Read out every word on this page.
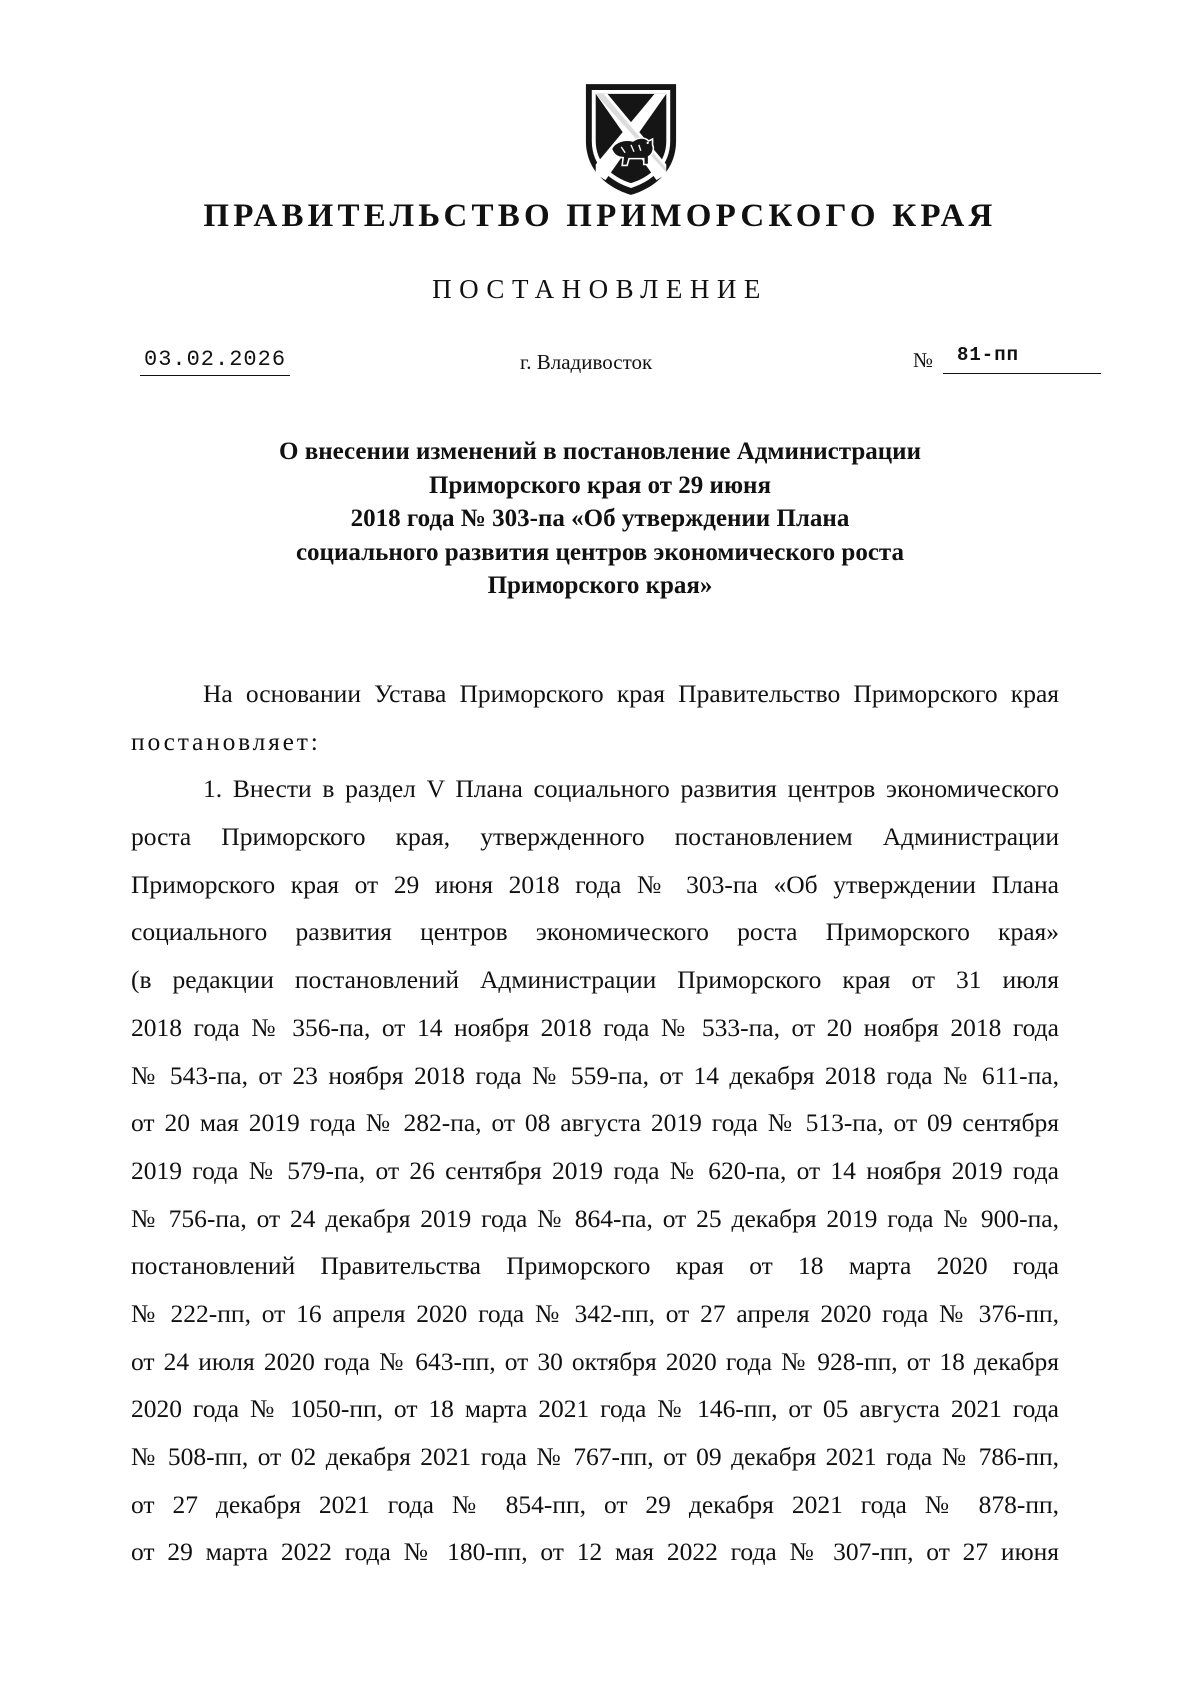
ПРАВИТЕЛЬСТВО ПРИМОРСКОГО КРАЯ
ПОСТАНОВЛЕНИЕ
03.02.2026	г. Владивосток	№ 81-пп
О внесении изменений в постановление Администрации
Приморского края от 29 июня
2018 года № 303-па «Об утверждении Плана
социального развития центров экономического роста
Приморского края»
На основании Устава Приморского края Правительство Приморского края
постановляет:
1. Внести в раздел V Плана социального развития центров экономического
роста Приморского края, утвержденного постановлением Администрации
Приморского края от 29 июня 2018 года № 303-па «Об утверждении Плана
социального развития центров экономического роста Приморского края»
(в редакции постановлений Администрации Приморского края от 31 июля
2018 года № 356-па, от 14 ноября 2018 года № 533-па, от 20 ноября 2018 года
№ 543-па, от 23 ноября 2018 года № 559-па, от 14 декабря 2018 года № 611-па,
от 20 мая 2019 года № 282-па, от 08 августа 2019 года № 513-па, от 09 сентября
2019 года № 579-па, от 26 сентября 2019 года № 620-па, от 14 ноября 2019 года
№ 756-па, от 24 декабря 2019 года № 864-па, от 25 декабря 2019 года № 900-па,
постановлений Правительства Приморского края от 18 марта 2020 года
№ 222-пп, от 16 апреля 2020 года № 342-пп, от 27 апреля 2020 года № 376-пп,
от 24 июля 2020 года № 643-пп, от 30 октября 2020 года № 928-пп, от 18 декабря
2020 года № 1050-пп, от 18 марта 2021 года № 146-пп, от 05 августа 2021 года
№ 508-пп, от 02 декабря 2021 года № 767-пп, от 09 декабря 2021 года № 786-пп,
от 27 декабря 2021 года № 854-пп, от 29 декабря 2021 года № 878-пп,
от 29 марта 2022 года № 180-пп, от 12 мая 2022 года № 307-пп, от 27 июня
